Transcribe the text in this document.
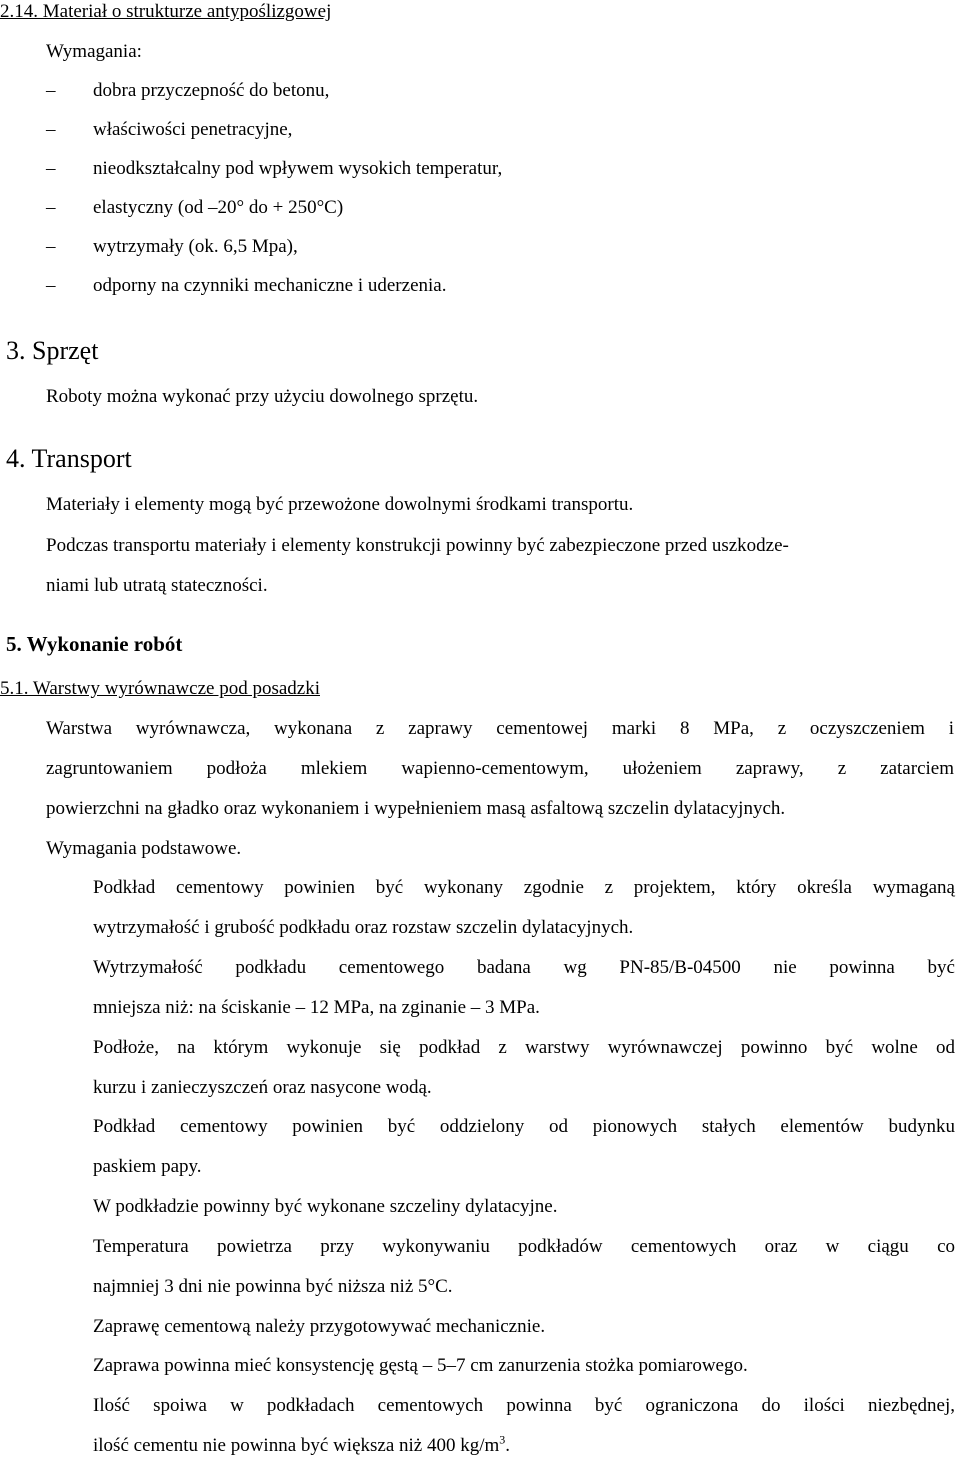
2.14. Materiał o strukturze antypoślizgowej
Wymagania:
– dobra przyczepność do betonu,
– właściwości penetracyjne,
– nieodkształcalny pod wpływem wysokich temperatur,
– elastyczny (od –20° do + 250°C)
– wytrzymały (ok. 6,5 Mpa),
– odporny na czynniki mechaniczne i uderzenia.
3. Sprzęt
Roboty można wykonać przy użyciu dowolnego sprzętu.
4. Transport
Materiały i elementy mogą być przewożone dowolnymi środkami transportu.
Podczas transportu materiały i elementy konstrukcji powinny być zabezpieczone przed uszkodze-
niami lub utratą stateczności.
5. Wykonanie robót
5.1. Warstwy wyrównawcze pod posadzki
Warstwa wyrównawcza, wykonana z zaprawy cementowej marki 8 MPa, z oczyszczeniem i
zagruntowaniem podłoża mlekiem wapienno-cementowym, ułożeniem zaprawy, z zatarciem
powierzchni na gładko oraz wykonaniem i wypełnieniem masą asfaltową szczelin dylatacyjnych.
Wymagania podstawowe.
Podkład cementowy powinien być wykonany zgodnie z projektem, który określa wymaganą
wytrzymałość i grubość podkładu oraz rozstaw szczelin dylatacyjnych.
Wytrzymałość podkładu cementowego badana wg PN-85/B-04500 nie powinna być
mniejsza niż: na ściskanie – 12 MPa, na zginanie – 3 MPa.
Podłoże, na którym wykonuje się podkład z warstwy wyrównawczej powinno być wolne od
kurzu i zanieczyszczeń oraz nasycone wodą.
Podkład cementowy powinien być oddzielony od pionowych stałych elementów budynku
paskiem papy.
W podkładzie powinny być wykonane szczeliny dylatacyjne.
Temperatura powietrza przy wykonywaniu podkładów cementowych oraz w ciągu co
najmniej 3 dni nie powinna być niższa niż 5°C.
Zaprawę cementową należy przygotowywać mechanicznie.
Zaprawa powinna mieć konsystencję gęstą – 5–7 cm zanurzenia stożka pomiarowego.
Ilość spoiwa w podkładach cementowych powinna być ograniczona do ilości niezbędnej,
ilość cementu nie powinna być większa niż 400 $kg/m^3$.
